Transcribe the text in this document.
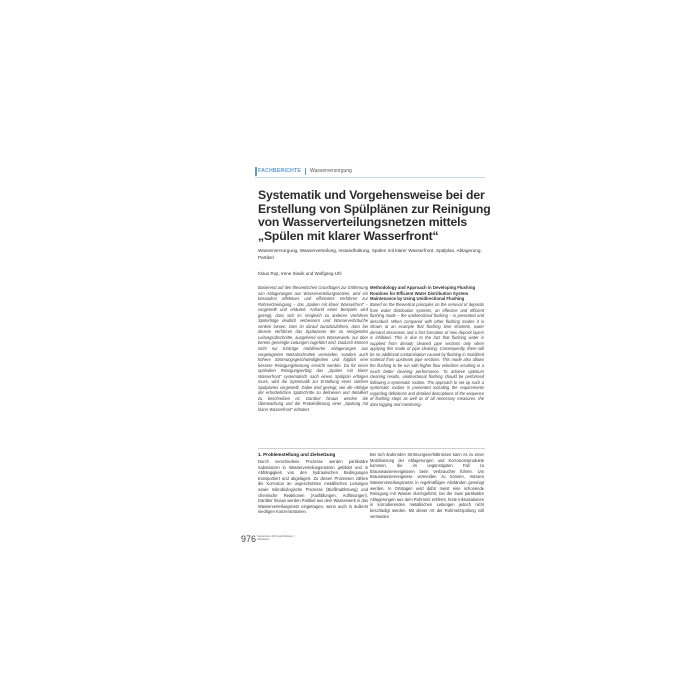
FACHBERICHTE Wasserversorgung
Systematik und Vorgehensweise bei der Erstellung von Spülplänen zur Reinigung von Wasserverteilungsnetzen mittels „Spülen mit klarer Wasserfront“
Wasserversorgung, Wasserverteilung, Instandhaltung, Spülen mit klarer Wasserfront, Spülplan, Ablagerung, Partikel
Klaus Rojt, Irene Slavik und Wolfgang Uhl
Basierend auf den theoretischen Grundlagen zur Entfernung von Ablagerungen aus Wasserverteilungsnetzen, wird ein besonders effektives und effizientes Verfahren zur Rohrnetzreinigung – das „Spülen mit klarer Wasserfront“ – vorgestellt und erläutert. Anhand eines Beispiels wird gezeigt, dass sich im Vergleich zu anderen Verfahren Spülerfolge deutlich verbessern und Wasserverbräuche senken lassen. Dies ist darauf zurückzuführen, dass bei diesem Verfahren das Spülwasser der zu reinigenden Leitungsabschnitte, ausgehend vom Wasserwerk, nur über bereits gereinigte Leitungen zugeführt wird. Dadurch können nicht nur Einträge mobilisierter Ablagerungen aus vorgelagerten Netzabschnitten vermieden, sondern auch höhere Strömungsgeschwindigkeiten und folglich eine bessere Reinigungsleistung erreicht werden. Da für einen optimalen Reinigungserfolg das „Spülen mit klarer Wasserfront“ systematisch nach einem Spülplan erfolgen muss, wird die Systematik zur Erstellung eines solchen Spülplanes vorgestellt. Dabei wird gezeigt, wie die Abfolge der erforderlichen Spülschritte zu definieren und detailliert zu beschreiben ist. Darüber hinaus werden die Überwachung und die Protokollierung einer „Spülung mit klarer Wasserfront“ erläutert.
Methodology and Approach in Developing Flushing Routines for Efficient Water Distribution System Maintenance by Using Unidirectional Flushing
Based on the theoretical principles on the removal of deposits from water distribution systems, an effective and efficient flushing mode – the unidirectional flushing – is presented and described. When compared with other flushing modes it is shown at an example that flushing time shortens, water demand decreases and a fast formation of new deposit layers is inhibited. This is due to the fact that flushing water is supplied from already cleaned pipe sections only when applying this mode of pipe cleaning. Consequently, there will be no additional contamination caused by flushing in mobilized material from upstream pipe sections. This mode also allows the flushing to be run with higher flow velocities resulting in a much better cleaning performance. To achieve optimum cleaning results, unidirectional flushing should be performed following a systematic routine. The approach to set up such a systematic routine is presented including the requirements regarding definitions and detailed descriptions of the sequence of flushing steps as well as of all necessary measures, the data logging and monitoring.
1. Problemstellung und Zielsetzung
Durch verschiedene Prozesse werden partikuläre Substanzen in Wasserverteilungsnetzen gebildet und in Abhängigkeit von den hydraulischen Bedingungen transportiert und abgelagert. Zu diesen Prozessen zählen die Korrosion an ungeschützten metallischen Leitungen sowie mikrobiologische Prozesse (Biofilmablösung) und chemische Reaktionen (Ausfällungen, Auflösungen). Darüber hinaus werden Partikel aus dem Wasserwerk in das Wasserverteilungsnetz eingetragen, wenn auch in äußerst niedrigen Konzentrationen.
Bei sich ändernden Strömungsverhältnissen kann es zu einer Mobilisierung der Ablagerungen und Korrosionsprodukte kommen, die im ungünstigsten Fall zu Braunwasserereignissen beim Verbraucher führen. Um Braunwasserereignisse vermeiden zu können, müssen Wasserverteilungsnetze in regelmäßigen Abständen gereinigt werden. In Ortslagen wird dafür meist eine schonende Reinigung mit Wasser durchgeführt, bei der zwar partikuläre Ablagerungen aus dem Rohrnetz entfernt, feste Inkrustationen in korrodierenden metallischen Leitungen jedoch nicht beschädigt werden. Mit dieser Art der Rohrnetzspülung soll vermieden
976 September 2014 gwf-Wasser | Abwasser
